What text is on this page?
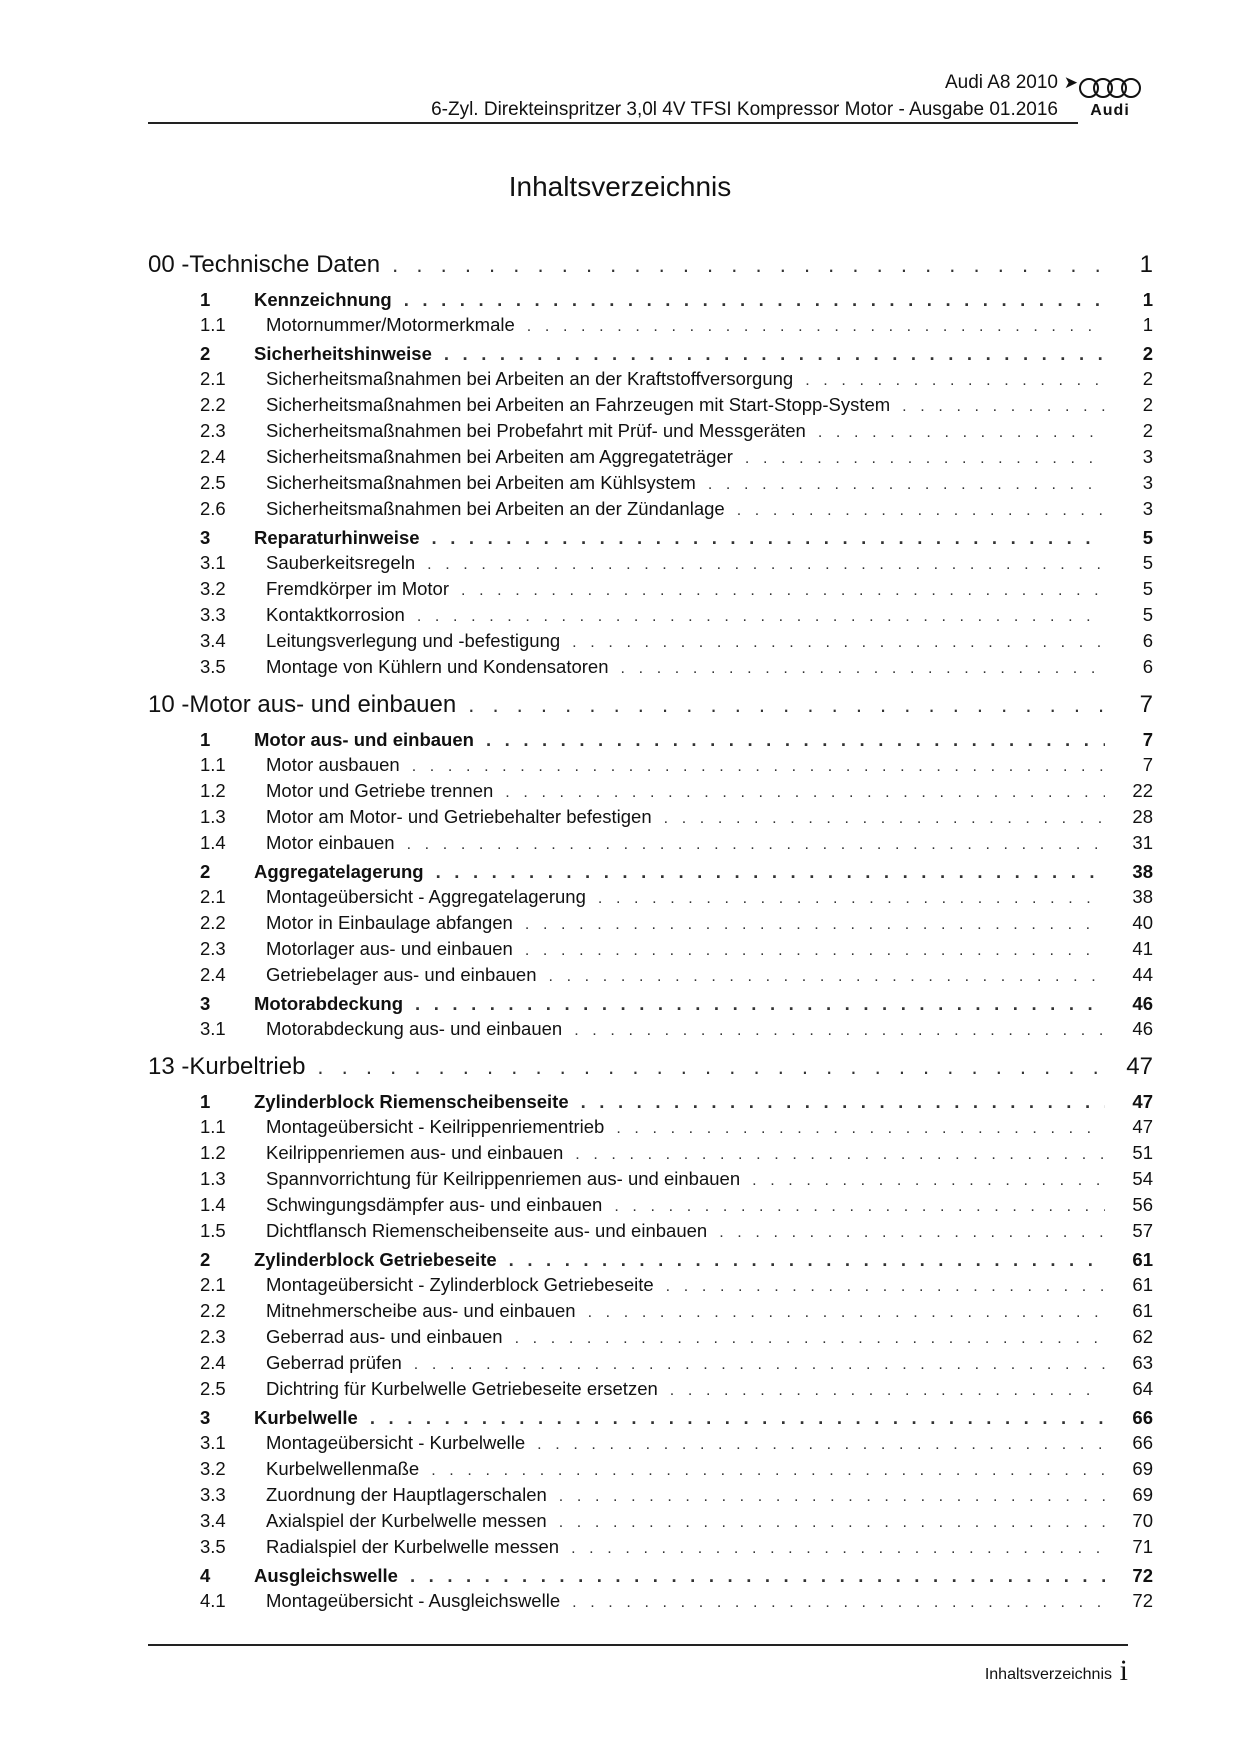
Audi A8 2010 ➤
6-Zyl. Direkteinspritzer 3,0l 4V TFSI Kompressor Motor - Ausgabe 01.2016	Audi
Inhaltsverzeichnis
00 - Technische Daten . . .	1
1	Kennzeichnung . . .	1
1.1	Motornummer/Motormerkmale . . .	1
2	Sicherheitshinweise . . .	2
2.1	Sicherheitsmaßnahmen bei Arbeiten an der Kraftstoffversorgung . . .	2
2.2	Sicherheitsmaßnahmen bei Arbeiten an Fahrzeugen mit Start-Stopp-System . . .	2
2.3	Sicherheitsmaßnahmen bei Probefahrt mit Prüf- und Messgeräten . . .	2
2.4	Sicherheitsmaßnahmen bei Arbeiten am Aggregateträger . . .	3
2.5	Sicherheitsmaßnahmen bei Arbeiten am Kühlsystem . . .	3
2.6	Sicherheitsmaßnahmen bei Arbeiten an der Zündanlage . . .	3
3	Reparaturhinweise . . .	5
3.1	Sauberkeitsregeln . . .	5
3.2	Fremdkörper im Motor . . .	5
3.3	Kontaktkorrosion . . .	5
3.4	Leitungsverlegung und -befestigung . . .	6
3.5	Montage von Kühlern und Kondensatoren . . .	6
10 - Motor aus- und einbauen . . .	7
1	Motor aus- und einbauen . . .	7
1.1	Motor ausbauen . . .	7
1.2	Motor und Getriebe trennen . . .	22
1.3	Motor am Motor- und Getriebehalter befestigen . . .	28
1.4	Motor einbauen . . .	31
2	Aggregatelagerung . . .	38
2.1	Montageübersicht - Aggregatelagerung . . .	38
2.2	Motor in Einbaulage abfangen . . .	40
2.3	Motorlager aus- und einbauen . . .	41
2.4	Getriebelager aus- und einbauen . . .	44
3	Motorabdeckung . . .	46
3.1	Motorabdeckung aus- und einbauen . . .	46
13 - Kurbeltrieb . . .	47
1	Zylinderblock Riemenscheibenseite . . .	47
1.1	Montageübersicht - Keilrippenriementrieb . . .	47
1.2	Keilrippenriemen aus- und einbauen . . .	51
1.3	Spannvorrichtung für Keilrippenriemen aus- und einbauen . . .	54
1.4	Schwingungsdämpfer aus- und einbauen . . .	56
1.5	Dichtflansch Riemenscheibenseite aus- und einbauen . . .	57
2	Zylinderblock Getriebeseite . . .	61
2.1	Montageübersicht - Zylinderblock Getriebeseite . . .	61
2.2	Mitnehmerscheibe aus- und einbauen . . .	61
2.3	Geberrad aus- und einbauen . . .	62
2.4	Geberrad prüfen . . .	63
2.5	Dichtring für Kurbelwelle Getriebeseite ersetzen . . .	64
3	Kurbelwelle . . .	66
3.1	Montageübersicht - Kurbelwelle . . .	66
3.2	Kurbelwellenmaße . . .	69
3.3	Zuordnung der Hauptlagerschalen . . .	69
3.4	Axialspiel der Kurbelwelle messen . . .	70
3.5	Radialspiel der Kurbelwelle messen . . .	71
4	Ausgleichswelle . . .	72
4.1	Montageübersicht - Ausgleichswelle . . .	72
Inhaltsverzeichnis i
